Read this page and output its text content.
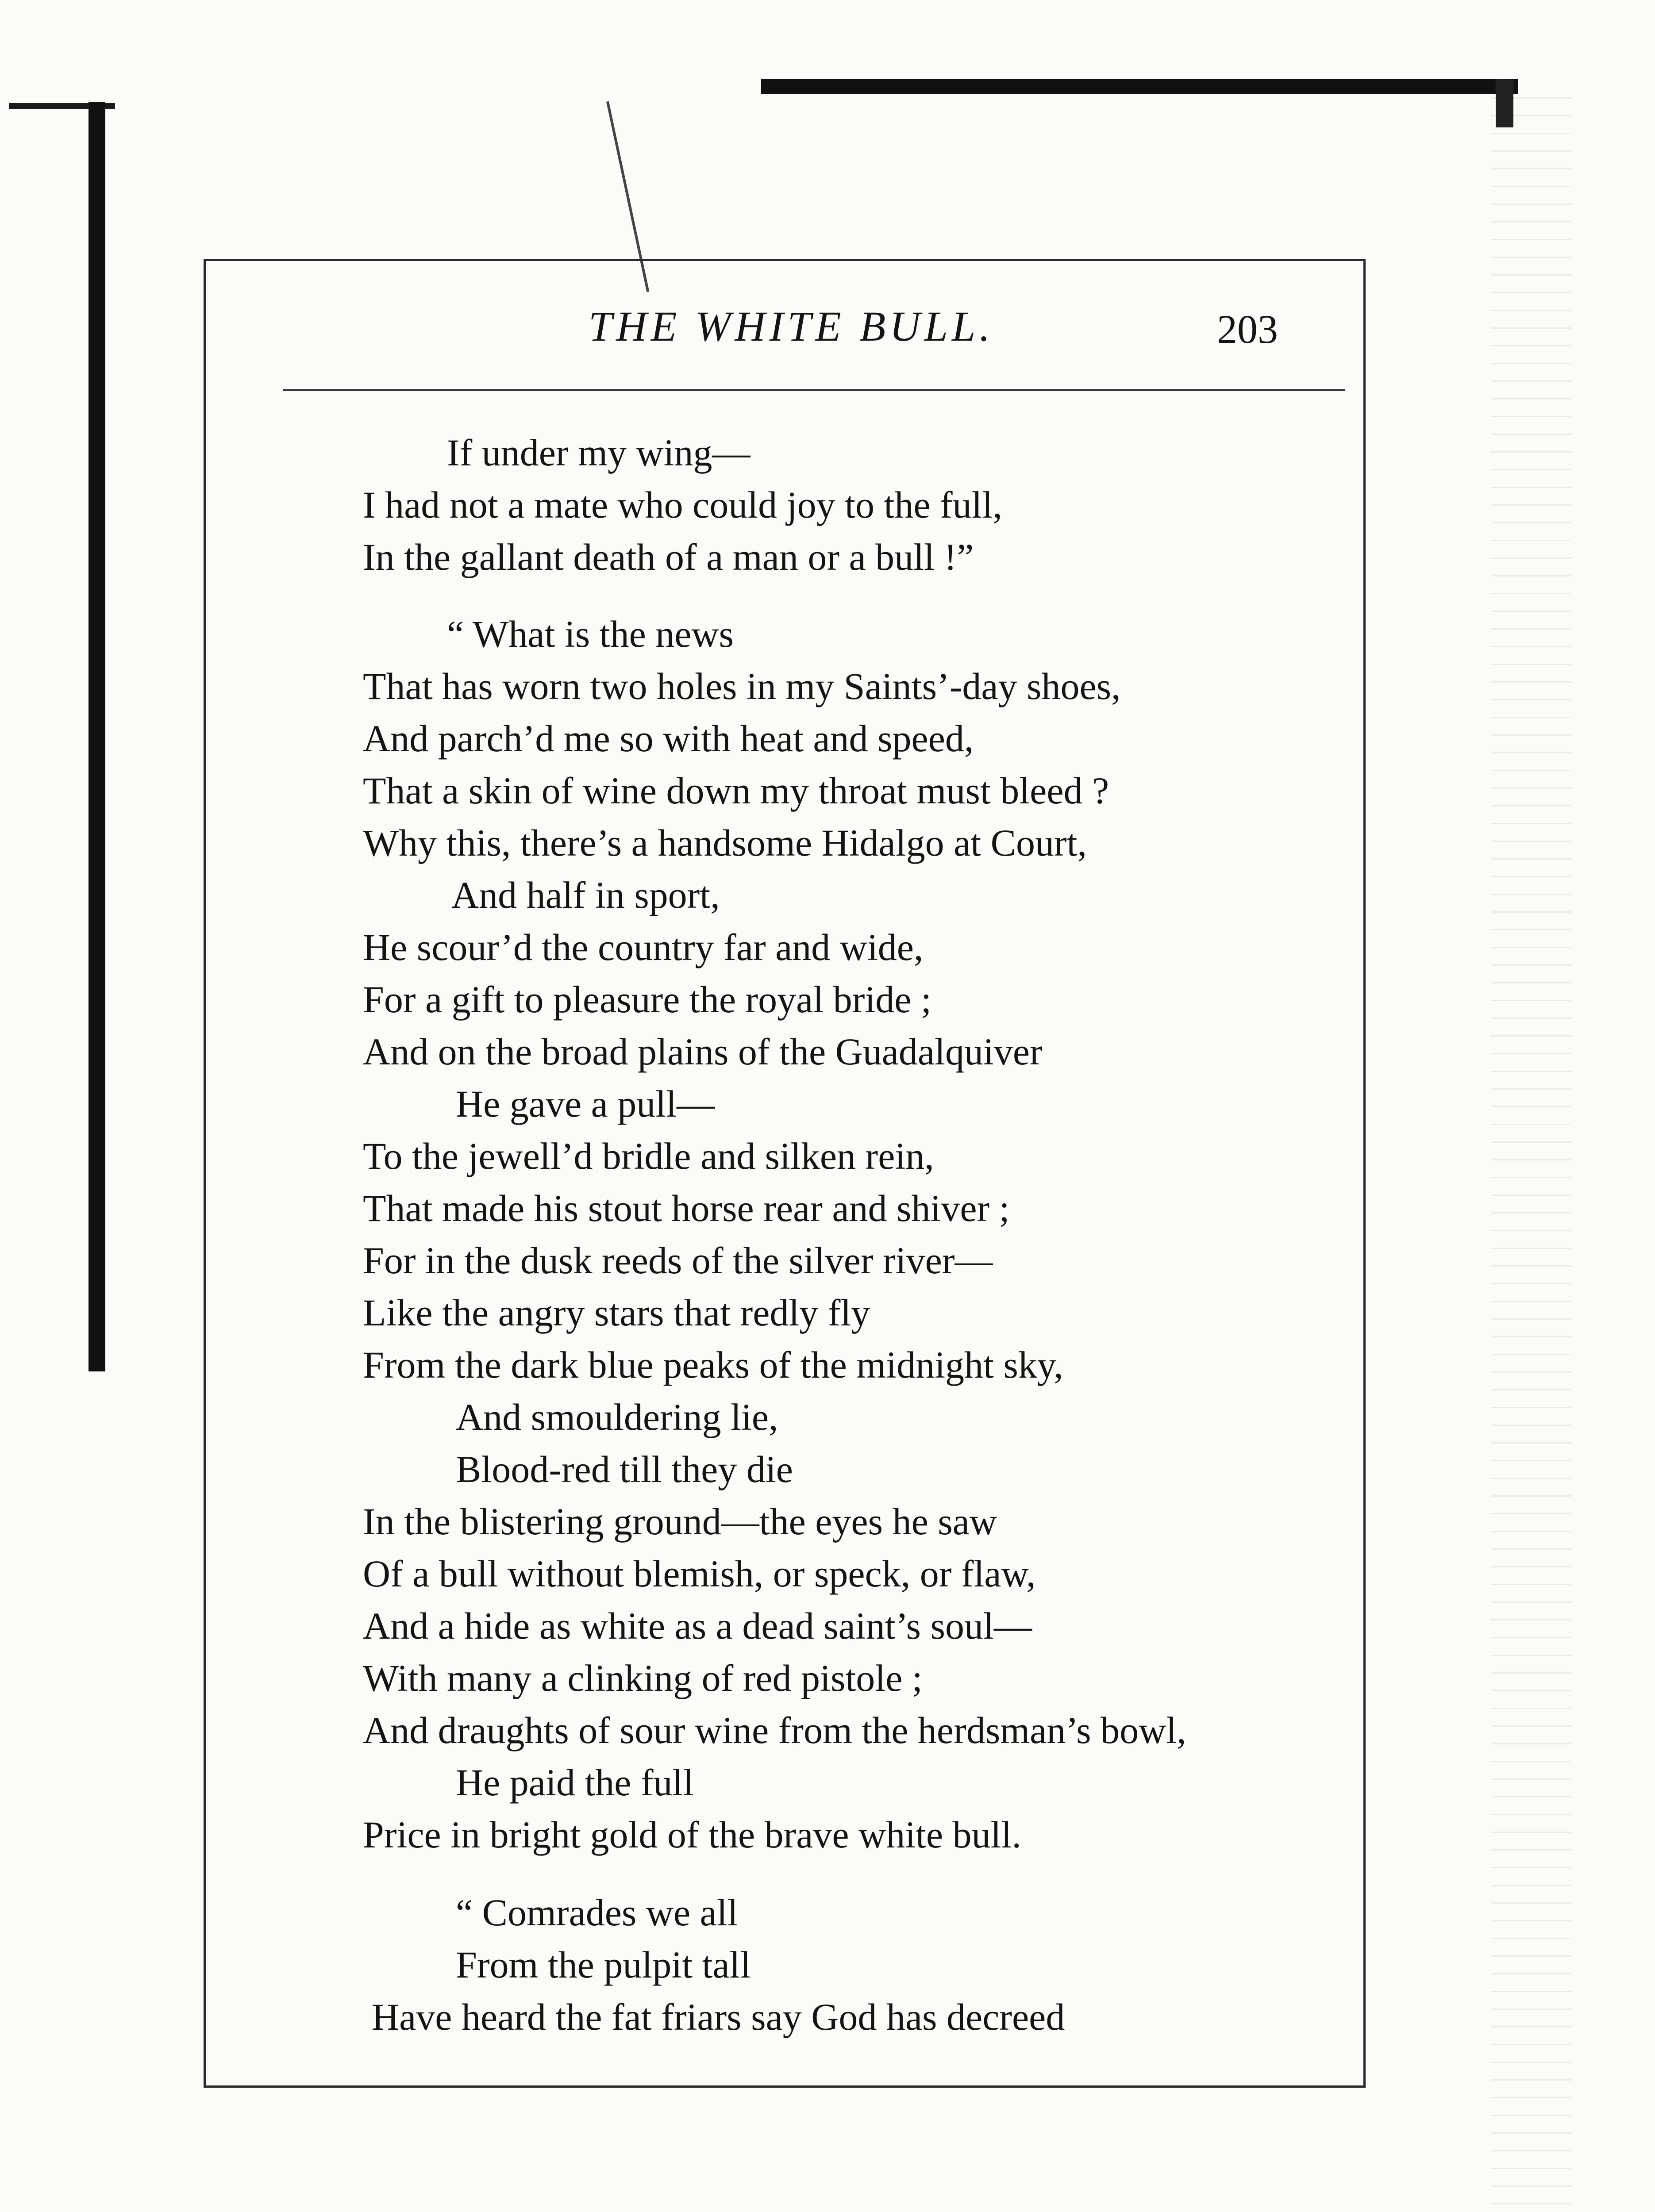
THE WHITE BULL.	203
If under my wing—
I had not a mate who could joy to the full,
In the gallant death of a man or a bull !”
“ What is the news
That has worn two holes in my Saints’-day shoes,
And parch’d me so with heat and speed,
That a skin of wine down my throat must bleed ?
Why this, there’s a handsome Hidalgo at Court,
And half in sport,
He scour’d the country far and wide,
For a gift to pleasure the royal bride ;
And on the broad plains of the Guadalquiver
He gave a pull—
To the jewell’d bridle and silken rein,
That made his stout horse rear and shiver ;
For in the dusk reeds of the silver river—
Like the angry stars that redly fly
From the dark blue peaks of the midnight sky,
And smouldering lie,
Blood-red till they die
In the blistering ground—the eyes he saw
Of a bull without blemish, or speck, or flaw,
And a hide as white as a dead saint’s soul—
With many a clinking of red pistole ;
And draughts of sour wine from the herdsman’s bowl,
He paid the full
Price in bright gold of the brave white bull.
“ Comrades we all
From the pulpit tall
Have heard the fat friars say God has decreed
